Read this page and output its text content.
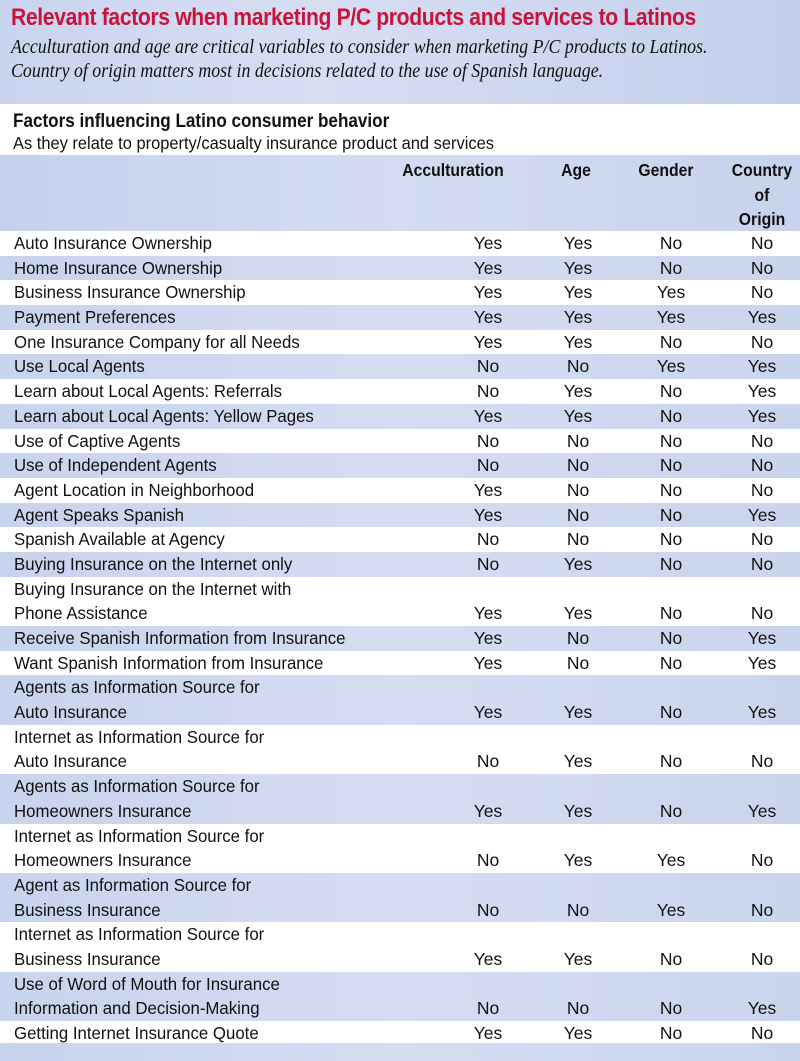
Relevant factors when marketing P/C products and services to Latinos
Acculturation and age are critical variables to consider when marketing P/C products to Latinos.
Country of origin matters most in decisions related to the use of Spanish language.
Factors influencing Latino consumer behavior
As they relate to property/casualty insurance product and services
Acculturation	Age	Gender	Country
of
Origin
Auto Insurance Ownership	Yes	Yes	No	No
Home Insurance Ownership	Yes	Yes	No	No
Business Insurance Ownership	Yes	Yes	Yes	No
Payment Preferences	Yes	Yes	Yes	Yes
One Insurance Company for all Needs	Yes	Yes	No	No
Use Local Agents	No	No	Yes	Yes
Learn about Local Agents: Referrals	No	Yes	No	Yes
Learn about Local Agents: Yellow Pages	Yes	Yes	No	Yes
Use of Captive Agents	No	No	No	No
Use of Independent Agents	No	No	No	No
Agent Location in Neighborhood	Yes	No	No	No
Agent Speaks Spanish	Yes	No	No	Yes
Spanish Available at Agency	No	No	No	No
Buying Insurance on the Internet only	No	Yes	No	No
Buying Insurance on the Internet with
Phone Assistance	Yes	Yes	No	No
Receive Spanish Information from Insurance	Yes	No	No	Yes
Want Spanish Information from Insurance	Yes	No	No	Yes
Agents as Information Source for
Auto Insurance	Yes	Yes	No	Yes
Internet as Information Source for
Auto Insurance	No	Yes	No	No
Agents as Information Source for
Homeowners Insurance	Yes	Yes	No	Yes
Internet as Information Source for
Homeowners Insurance	No	Yes	Yes	No
Agent as Information Source for
Business Insurance	No	No	Yes	No
Internet as Information Source for
Business Insurance	Yes	Yes	No	No
Use of Word of Mouth for Insurance
Information and Decision-Making	No	No	No	Yes
Getting Internet Insurance Quote	Yes	Yes	No	No
